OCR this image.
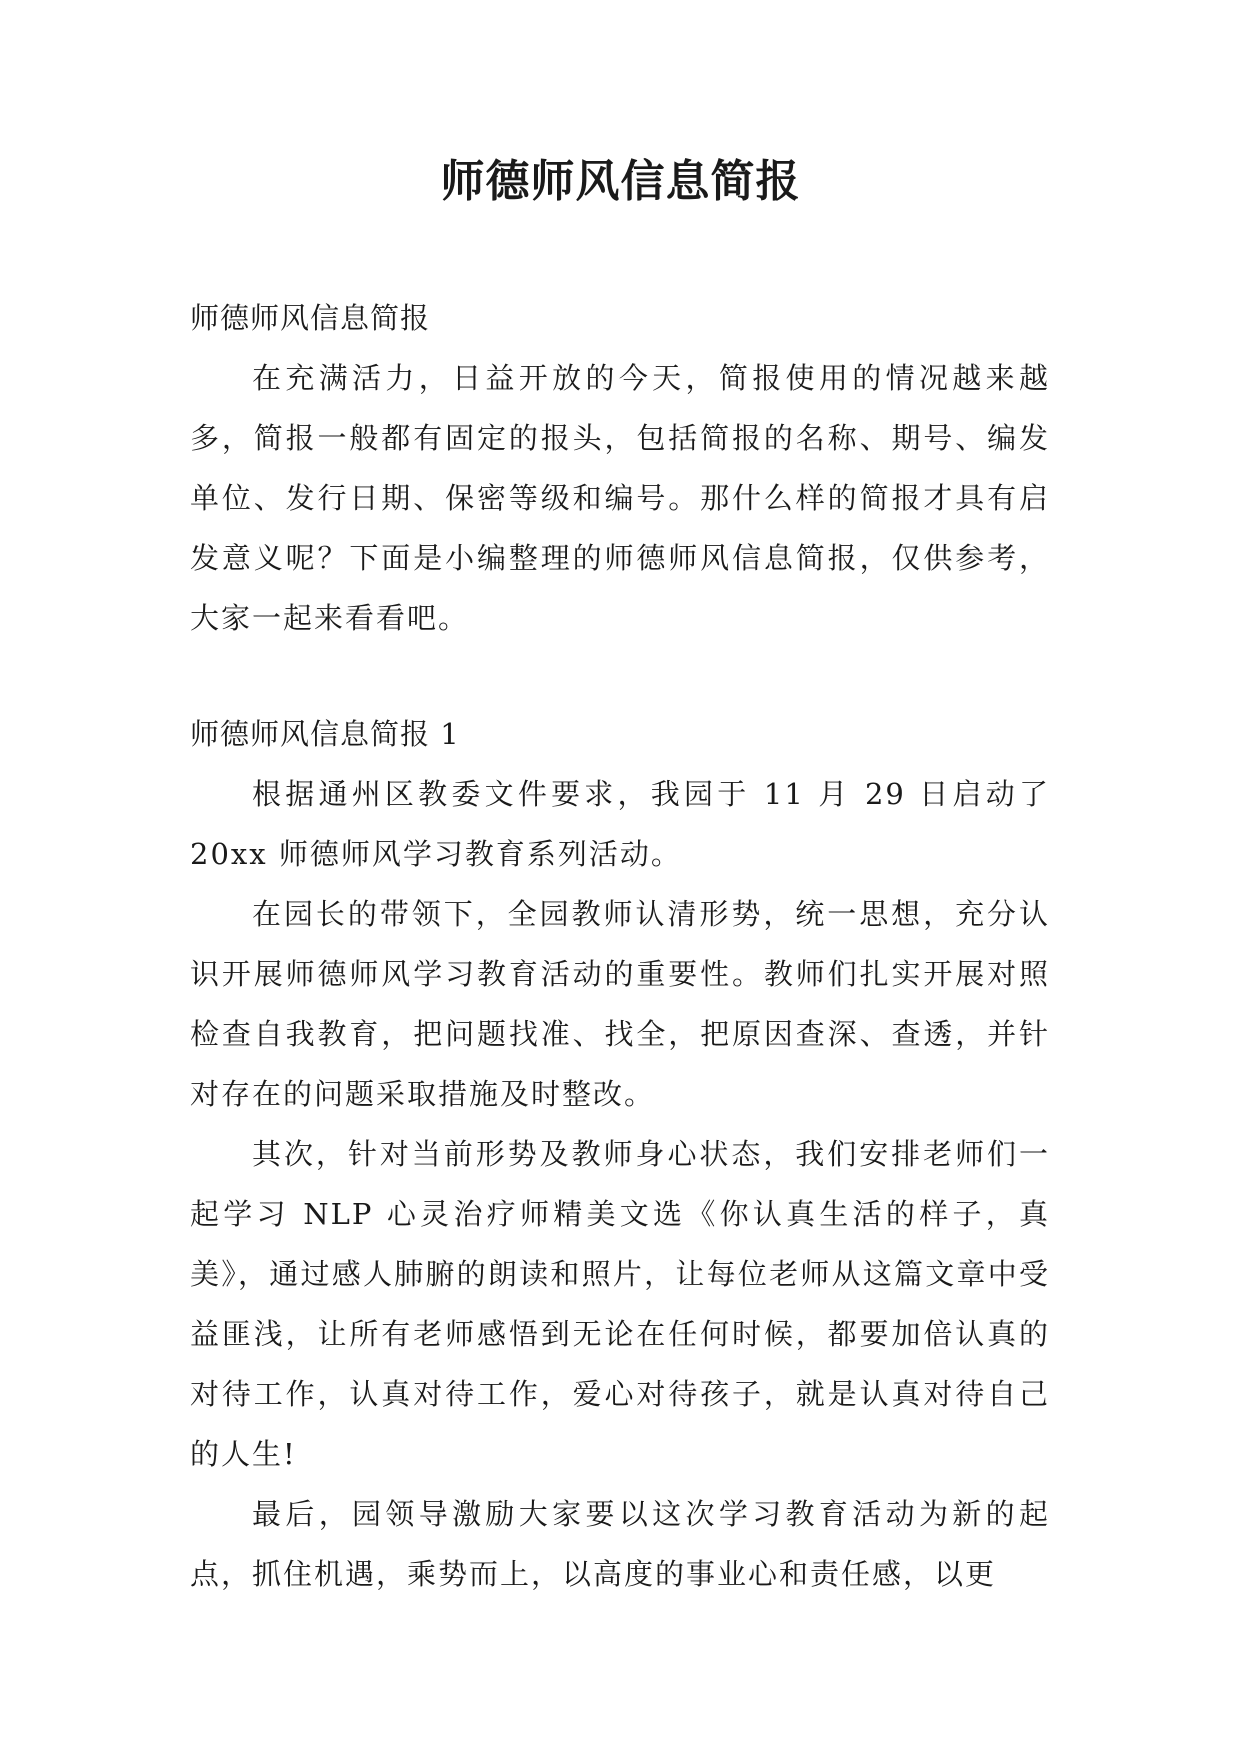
师德师风信息简报

师德师风信息简报

在充满活力，日益开放的今天，简报使用的情况越来越多，简报一般都有固定的报头，包括简报的名称、期号、编发单位、发行日期、保密等级和编号。那什么样的简报才具有启发意义呢？下面是小编整理的师德师风信息简报，仅供参考，大家一起来看看吧。

师德师风信息简报 1

根据通州区教委文件要求，我园于 11 月 29 日启动了 20xx 师德师风学习教育系列活动。

在园长的带领下，全园教师认清形势，统一思想，充分认识开展师德师风学习教育活动的重要性。教师们扎实开展对照检查自我教育，把问题找准、找全，把原因查深、查透，并针对存在的问题采取措施及时整改。

其次，针对当前形势及教师身心状态，我们安排老师们一起学习 NLP 心灵治疗师精美文选《你认真生活的样子，真美》，通过感人肺腑的朗读和照片，让每位老师从这篇文章中受益匪浅，让所有老师感悟到无论在任何时候，都要加倍认真的对待工作，认真对待工作，爱心对待孩子，就是认真对待自己的人生!

最后，园领导激励大家要以这次学习教育活动为新的起点，抓住机遇，乘势而上，以高度的事业心和责任感，以更
